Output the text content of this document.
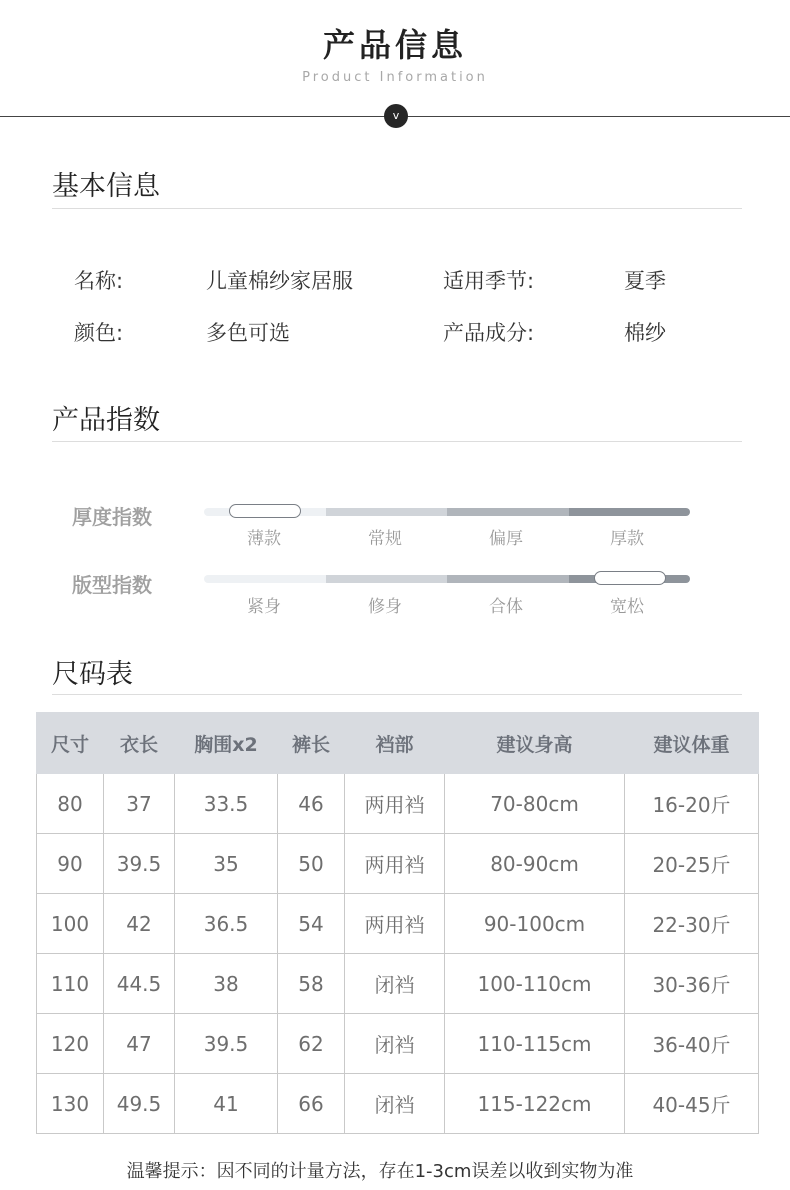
产品信息
Product Information
v
基本信息
名称:	儿童棉纱家居服	适用季节:	夏季
颜色:	多色可选	产品成分:	棉纱
产品指数
厚度指数
薄款	常规	偏厚	厚款
版型指数
紧身	修身	合体	宽松
尺码表
尺寸	衣长	胸围x2	裤长	裆部	建议身高	建议体重
80	37	33.5	46	两用裆	70-80cm	16-20斤
90	39.5	35	50	两用裆	80-90cm	20-25斤
100	42	36.5	54	两用裆	90-100cm	22-30斤
110	44.5	38	58	闭裆	100-110cm	30-36斤
120	47	39.5	62	闭裆	110-115cm	36-40斤
130	49.5	41	66	闭裆	115-122cm	40-45斤
温馨提示：因不同的计量方法，存在1-3cm误差以收到实物为准
